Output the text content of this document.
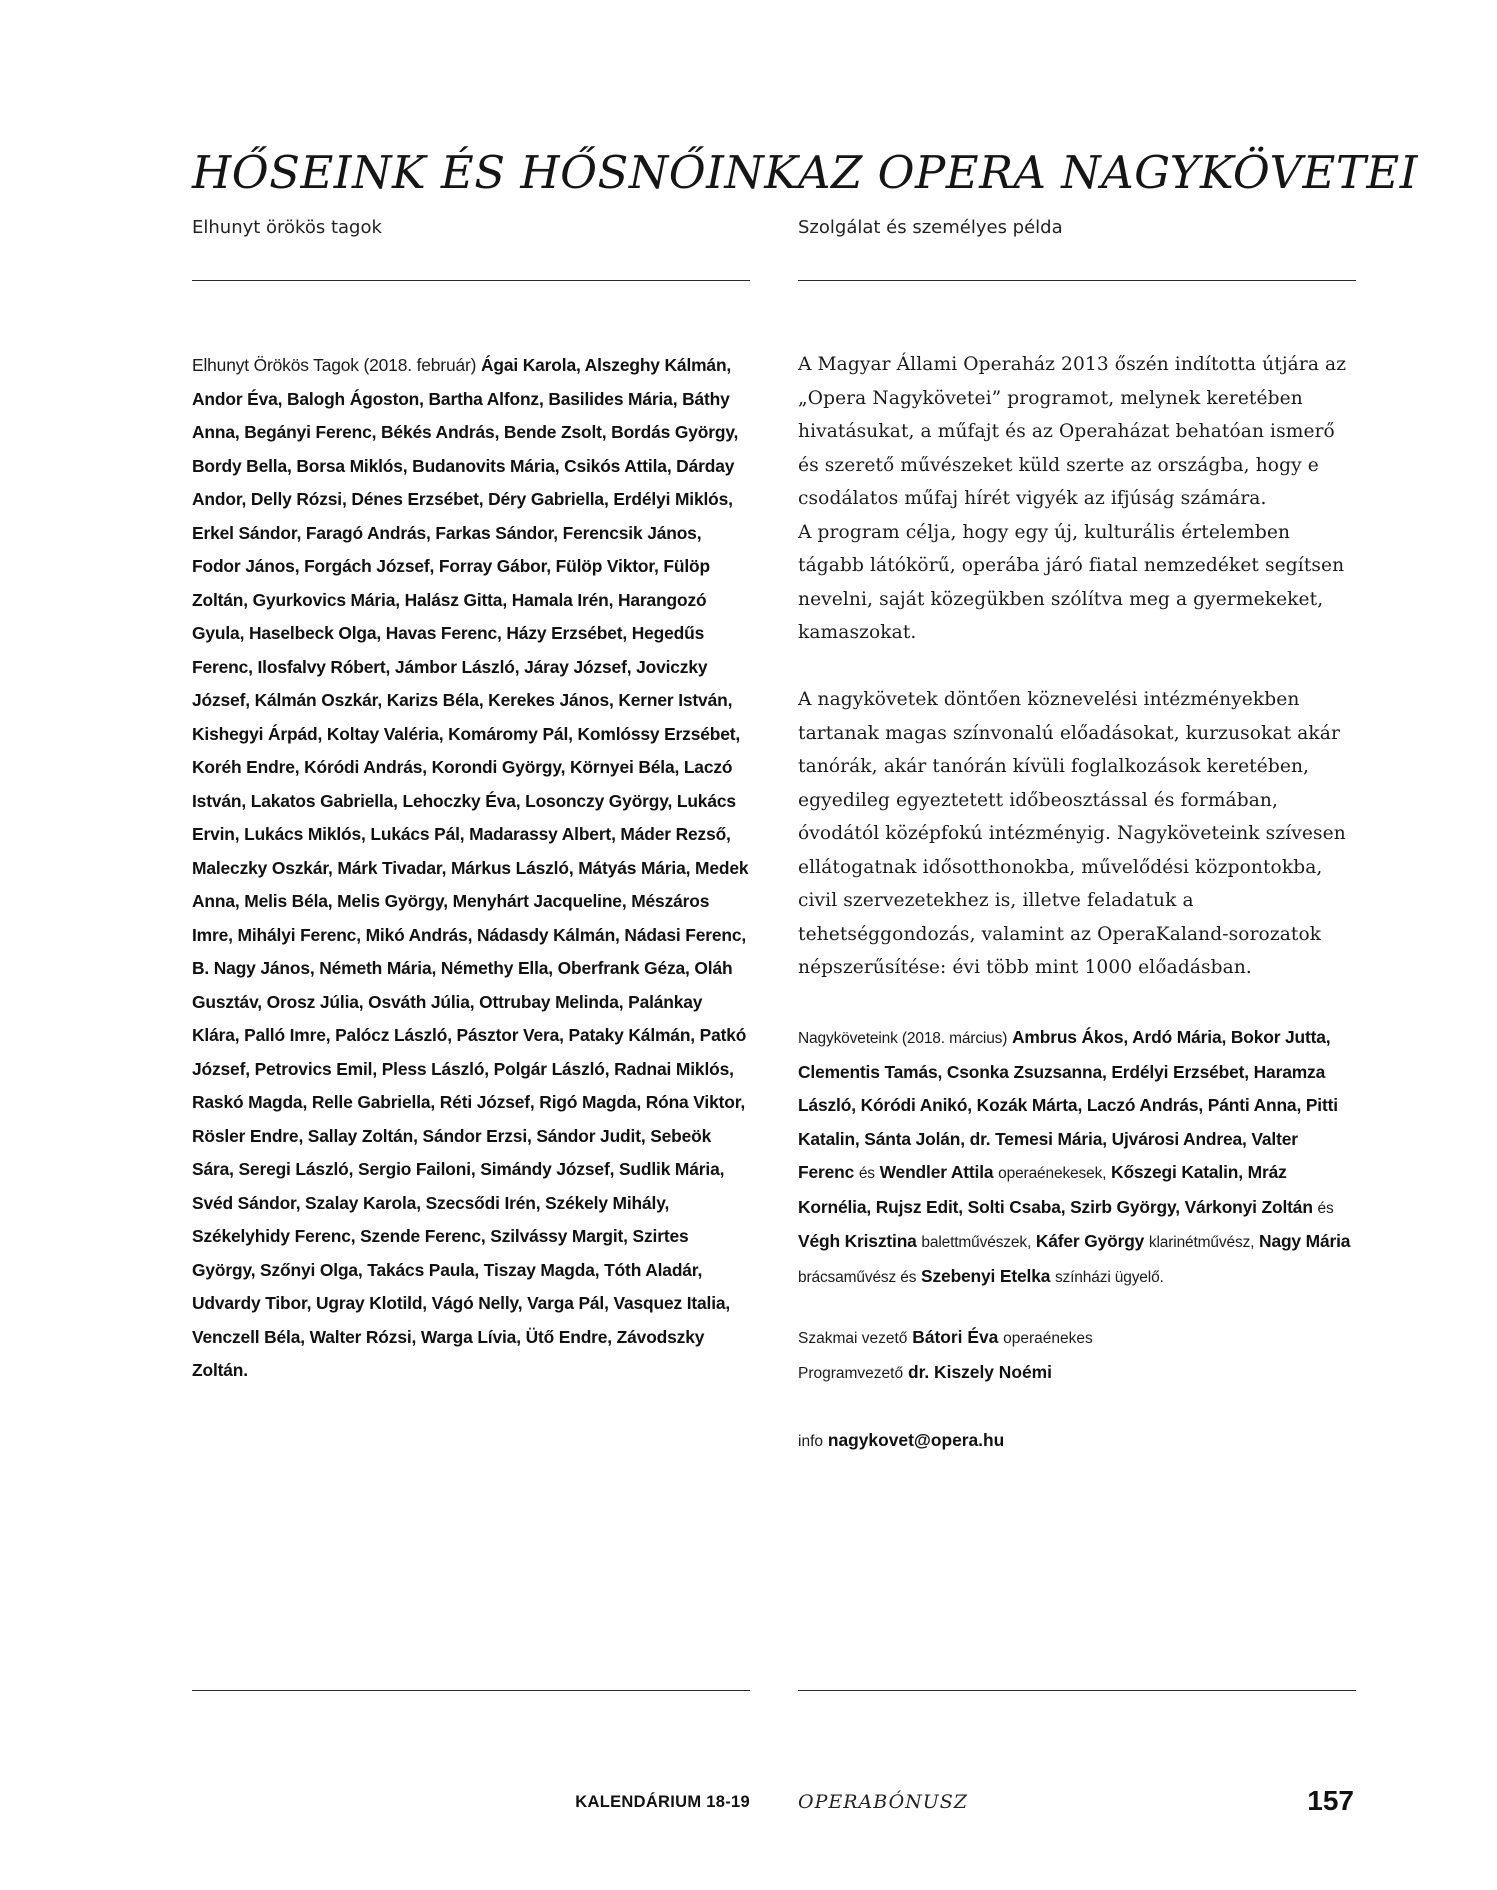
HŐSEINK ÉS HŐSNŐINK

Elhunyt örökös tagok

Elhunyt Örökös Tagok (2018. február) Ágai Karola, Alszeghy Kálmán, Andor Éva, Balogh Ágoston, Bartha Alfonz, Basilides Mária, Báthy Anna, Begányi Ferenc, Békés András, Bende Zsolt, Bordás György, Bordy Bella, Borsa Miklós, Budanovits Mária, Csikós Attila, Dárday Andor, Delly Rózsi, Dénes Erzsébet, Déry Gabriella, Erdélyi Miklós, Erkel Sándor, Faragó András, Farkas Sándor, Ferencsik János, Fodor János, Forgách József, Forray Gábor, Fülöp Viktor, Fülöp Zoltán, Gyurkovics Mária, Halász Gitta, Hamala Irén, Harangozó Gyula, Haselbeck Olga, Havas Ferenc, Házy Erzsébet, Hegedűs Ferenc, Ilosfalvy Róbert, Jámbor László, Járay József, Joviczky József, Kálmán Oszkár, Karizs Béla, Kerekes János, Kerner István, Kishegyi Árpád, Koltay Valéria, Komáromy Pál, Komlóssy Erzsébet, Koréh Endre, Kóródi András, Korondi György, Környei Béla, Laczó István, Lakatos Gabriella, Lehoczky Éva, Losonczy György, Lukács Ervin, Lukács Miklós, Lukács Pál, Madarassy Albert, Máder Rezső, Maleczky Oszkár, Márk Tivadar, Márkus László, Mátyás Mária, Medek Anna, Melis Béla, Melis György, Menyhárt Jacqueline, Mészáros Imre, Mihályi Ferenc, Mikó András, Nádasdy Kálmán, Nádasi Ferenc, B. Nagy János, Németh Mária, Némethy Ella, Oberfrank Géza, Oláh Gusztáv, Orosz Júlia, Osváth Júlia, Ottrubay Melinda, Palánkay Klára, Palló Imre, Palócz László, Pásztor Vera, Pataky Kálmán, Patkó József, Petrovics Emil, Pless László, Polgár László, Radnai Miklós, Raskó Magda, Relle Gabriella, Réti József, Rigó Magda, Róna Viktor, Rösler Endre, Sallay Zoltán, Sándor Erzsi, Sándor Judit, Sebeök Sára, Seregi László, Sergio Failoni, Simándy József, Sudlik Mária, Svéd Sándor, Szalay Karola, Szecsődi Irén, Székely Mihály, Székelyhidy Ferenc, Szende Ferenc, Szilvássy Margit, Szirtes György, Szőnyi Olga, Takács Paula, Tiszay Magda, Tóth Aladár, Udvardy Tibor, Ugray Klotild, Vágó Nelly, Varga Pál, Vasquez Italia, Venczell Béla, Walter Rózsi, Warga Lívia, Ütő Endre, Závodszky Zoltán.
AZ OPERA NAGYKÖVETEI

Szolgálat és személyes példa

A Magyar Állami Operaház 2013 őszén indította útjára az „Opera Nagykövetei” programot, melynek keretében hivatásukat, a műfajt és az Operaházat behatóan ismerő és szerető művészeket küld szerte az országba, hogy e csodálatos műfaj hírét vigyék az ifjúság számára.

A program célja, hogy egy új, kulturális értelemben tágabb látókörű, operába járó fiatal nemzedéket segítsen nevelni, saját közegükben szólítva meg a gyermekeket, kamaszokat.

A nagykövetek döntően köznevelési intézményekben tartanak magas színvonalú előadásokat, kurzusokat akár tanórák, akár tanórán kívüli foglalkozások keretében, egyedileg egyeztetett időbeosztással és formában, óvodától középfokú intézményig. Nagyköveteink szívesen ellátogatnak idősotthonokba, művelődési központokba, civil szervezetekhez is, illetve feladatuk a tehetséggondozás, valamint az OperaKaland-sorozatok népszerűsítése: évi több mint 1000 előadásban.

Nagyköveteink (2018. március) Ambrus Ákos, Ardó Mária, Bokor Jutta, Clementis Tamás, Csonka Zsuzsanna, Erdélyi Erzsébet, Haramza László, Kóródi Anikó, Kozák Márta, Laczó András, Pánti Anna, Pitti Katalin, Sánta Jolán, dr. Temesi Mária, Ujvárosi Andrea, Valter Ferenc és Wendler Attila operaénekesek, Kőszegi Katalin, Mráz Kornélia, Rujsz Edit, Solti Csaba, Szirb György, Várkonyi Zoltán és Végh Krisztina balettművészek, Káfer György klarinétművész, Nagy Mária brácsaművész és Szebenyi Etelka színházi ügyelő.
Szakmai vezető Bátori Éva operaénekes
Programvezető dr. Kiszely Noémi
info nagykovet@opera.hu
KALENDÁRIUM 18-19	OPERABÓNUSZ	157
